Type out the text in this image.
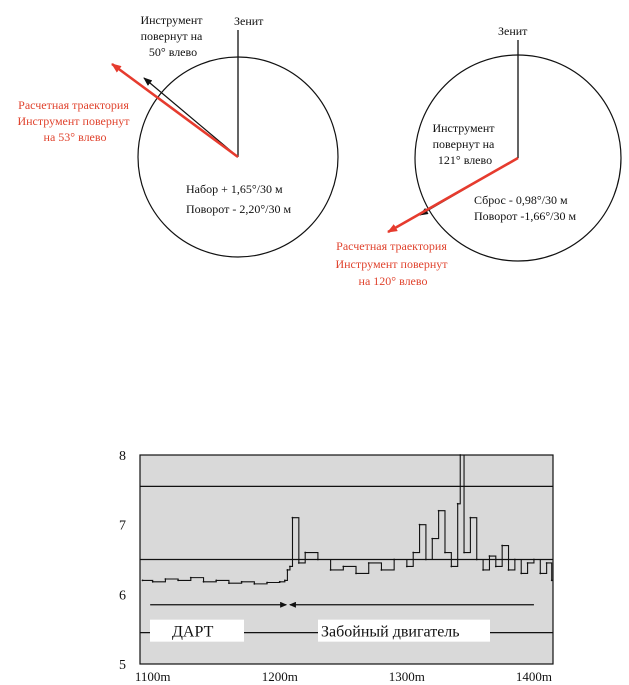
Зенит
Инструмент повернут на 50° влево
Расчетная траектория Инструмент повернут на 53° влево
Набор + 1,65°/30 м Поворот - 2,20°/30 м
Зенит
Инструмент повернут на 121° влево
Расчетная траектория Инструмент повернут на 120° влево
Сброс - 0,98°/30 м Поворот -1,66°/30 м
ДАРТ	Забойный двигатель
5
6
7
8
1100m	1200m	1300m	1400m
